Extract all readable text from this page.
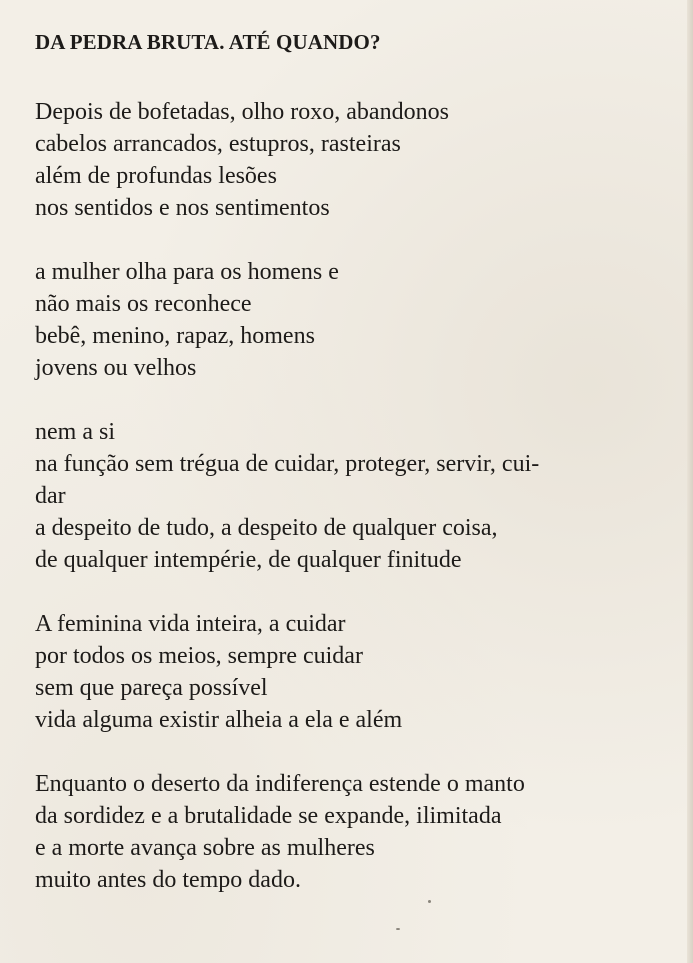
DA PEDRA BRUTA. ATÉ QUANDO?
Depois de bofetadas, olho roxo, abandonos
cabelos arrancados, estupros, rasteiras
além de profundas lesões
nos sentidos e nos sentimentos
a mulher olha para os homens e
não mais os reconhece
bebê, menino, rapaz, homens
jovens ou velhos
nem a si
na função sem trégua de cuidar, proteger, servir, cui-
dar
a despeito de tudo, a despeito de qualquer coisa,
de qualquer intempérie, de qualquer finitude
A feminina vida inteira, a cuidar
por todos os meios, sempre cuidar
sem que pareça possível
vida alguma existir alheia a ela e além
Enquanto o deserto da indiferença estende o manto
da sordidez e a brutalidade se expande, ilimitada
e a morte avança sobre as mulheres
muito antes do tempo dado.
